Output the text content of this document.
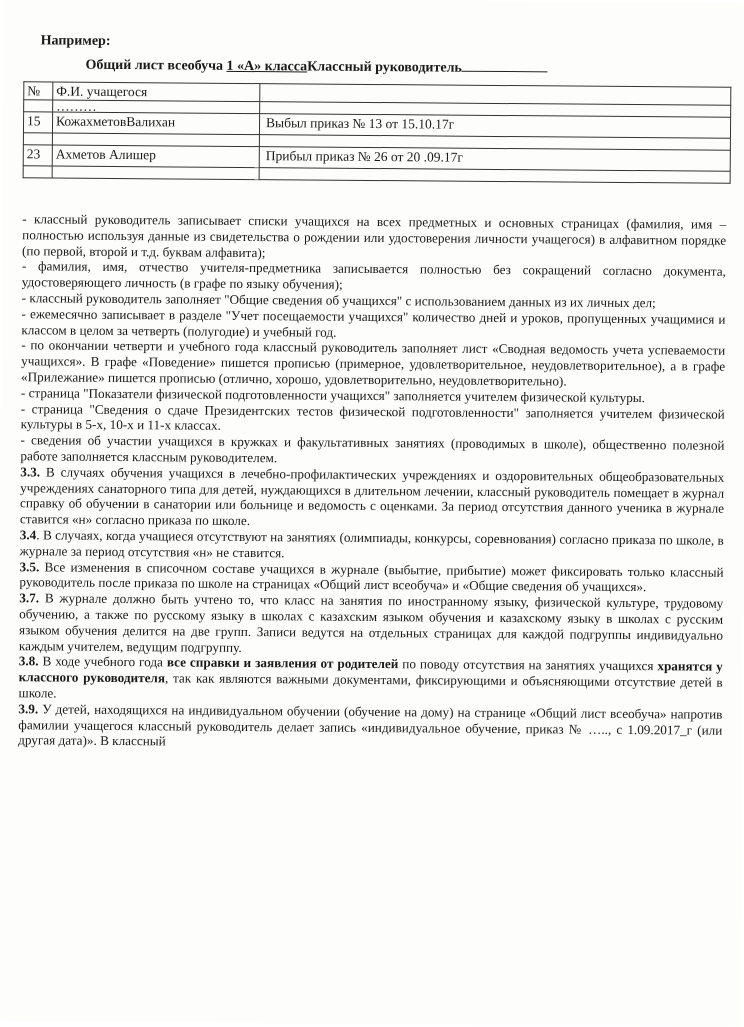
Например:
Общий лист всеобуча 1 «А» классаКлассный руководитель
№	Ф.И. учащегося	
	………	
15	КожахметовВалихан	Выбыл приказ № 13 от 15.10.17г

23	Ахметов Алишер	Прибыл приказ № 26 от 20 .09.17г

- классный руководитель записывает списки учащихся на всех предметных и основных страницах (фамилия, имя – полностью используя данные из свидетельства о рождении или удостоверения личности учащегося) в алфавитном порядке (по первой, второй и т.д. буквам алфавита);

- фамилия, имя, отчество учителя-предметника записывается полностью без сокращений согласно документа, удостоверяющего личность (в графе по языку обучения);

- классный руководитель заполняет "Общие сведения об учащихся" с использованием данных из их личных дел;

- ежемесячно записывает в разделе "Учет посещаемости учащихся" количество дней и уроков, пропущенных учащимися и классом в целом за четверть (полугодие) и учебный год.

- по окончании четверти и учебного года классный руководитель заполняет лист «Сводная ведомость учета успеваемости учащихся». В графе «Поведение» пишется прописью (примерное, удовлетворительное, неудовлетворительное), а в графе «Прилежание» пишется прописью (отлично, хорошо, удовлетворительно, неудовлетворительно).

- страница "Показатели физической подготовленности учащихся" заполняется учителем физической культуры.

- страница "Сведения о сдаче Президентских тестов физической подготовленности" заполняется учителем физической культуры в 5-х, 10-х и 11-х классах.

- сведения об участии учащихся в кружках и факультативных занятиях (проводимых в школе), общественно полезной работе заполняется классным руководителем.

3.3. В случаях обучения учащихся в лечебно-профилактических учреждениях и оздоровительных общеобразовательных учреждениях санаторного типа для детей, нуждающихся в длительном лечении, классный руководитель помещает в журнал справку об обучении в санатории или больнице и ведомость с оценками. За период отсутствия данного ученика в журнале ставится «н» согласно приказа по школе.

3.4. В случаях, когда учащиеся отсутствуют на занятиях (олимпиады, конкурсы, соревнования) согласно приказа по школе, в журнале за период отсутствия «н» не ставится.

3.5. Все изменения в списочном составе учащихся в журнале (выбытие, прибытие) может фиксировать только классный руководитель после приказа по школе на страницах «Общий лист всеобуча» и «Общие сведения об учащихся».

3.7. В журнале должно быть учтено то, что класс на занятия по иностранному языку, физической культуре, трудовому обучению, а также по русскому языку в школах с казахским языком обучения и казахскому языку в школах с русским языком обучения делится на две групп. Записи ведутся на отдельных страницах для каждой подгруппы индивидуально каждым учителем, ведущим подгруппу.

3.8. В ходе учебного года все справки и заявления от родителей по поводу отсутствия на занятиях учащихся хранятся у классного руководителя, так как являются важными документами, фиксирующими и объясняющими отсутствие детей в школе.

3.9. У детей, находящихся на индивидуальном обучении (обучение на дому) на странице «Общий лист всеобуча» напротив фамилии учащегося классный руководитель делает запись «индивидуальное обучение, приказ № ….., с 1.09.2017_г (или другая дата)». В классный
